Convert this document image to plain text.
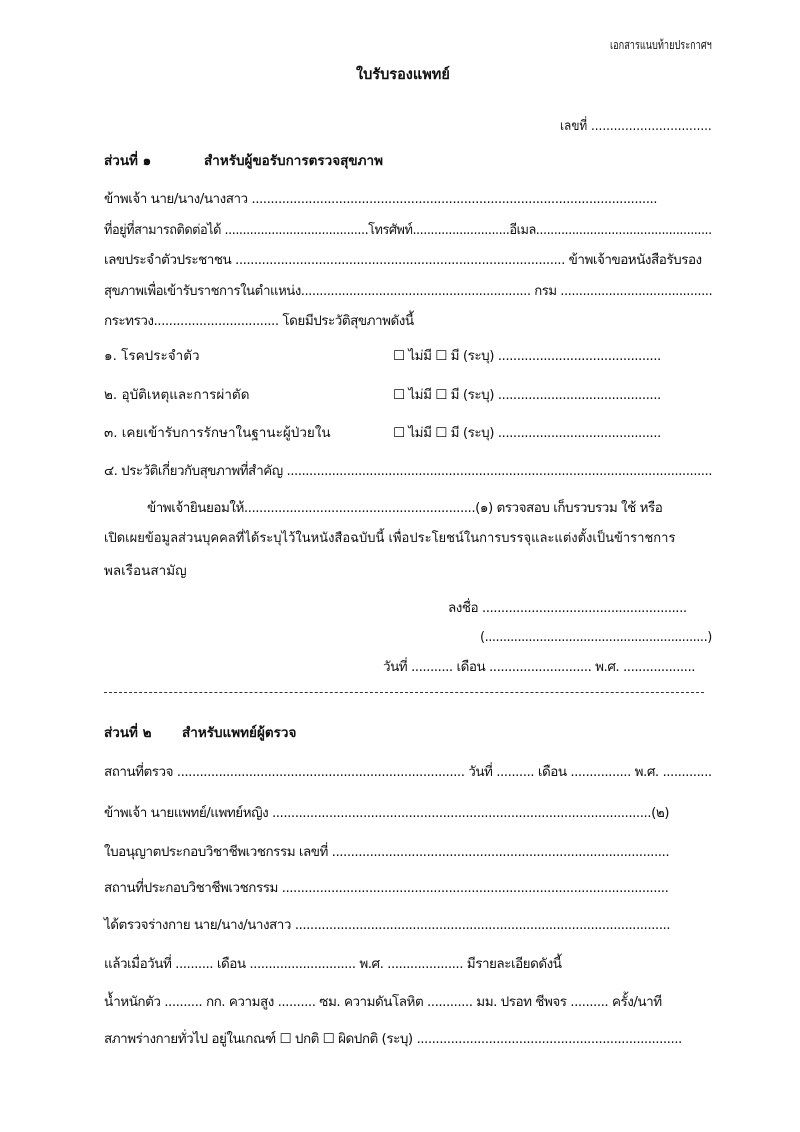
เอกสารแนบท้ายประกาศฯ
ใบรับรองแพทย์
เลขที่ ................................
ส่วนที่ ๑	สำหรับผู้ขอรับการตรวจสุขภาพ
ข้าพเจ้า นาย/นาง/นางสาว ...........................................................................................................
ที่อยู่ที่สามารถติดต่อได้ ........................................โทรศัพท์...........................อีเมล.................................................
เลขประจำตัวประชาชน ....................................................................................... ข้าพเจ้าขอหนังสือรับรอง
สุขภาพเพื่อเข้ารับราชการในตำแหน่ง.............................................................. กรม .........................................
กระทรวง................................. โดยมีประวัติสุขภาพดังนี้
๑. โรคประจำตัว	☐ ไม่มี ☐ มี (ระบุ) ...........................................
๒. อุบัติเหตุและการผ่าตัด	☐ ไม่มี ☐ มี (ระบุ) ...........................................
๓. เคยเข้ารับการรักษาในฐานะผู้ป่วยใน	☐ ไม่มี ☐ มี (ระบุ) ...........................................
๔. ประวัติเกี่ยวกับสุขภาพที่สำคัญ .................................................................................................................
ข้าพเจ้ายินยอมให้.............................................................(๑) ตรวจสอบ เก็บรวบรวม ใช้ หรือ
เปิดเผยข้อมูลส่วนบุคคลที่ได้ระบุไว้ในหนังสือฉบับนี้ เพื่อประโยชน์ในการบรรจุและแต่งตั้งเป็นข้าราชการ
พลเรือนสามัญ
ลงชื่อ ......................................................
(.............................................................)
วันที่ ........... เดือน ........................... พ.ศ. ...................
ส่วนที่ ๒ สำหรับแพทย์ผู้ตรวจ
สถานที่ตรวจ ............................................................................ วันที่ .......... เดือน ................ พ.ศ. .............
ข้าพเจ้า นายแพทย์/แพทย์หญิง ....................................................................................................(๒)
ใบอนุญาตประกอบวิชาชีพเวชกรรม เลขที่ .........................................................................................
สถานที่ประกอบวิชาชีพเวชกรรม ......................................................................................................
ได้ตรวจร่างกาย นาย/นาง/นางสาว ...................................................................................................
แล้วเมื่อวันที่ .......... เดือน ............................ พ.ศ. .................... มีรายละเอียดดังนี้
น้ำหนักตัว .......... กก. ความสูง .......... ซม. ความดันโลหิต ............ มม. ปรอท ชีพจร .......... ครั้ง/นาที
สภาพร่างกายทั่วไป อยู่ในเกณฑ์ ☐ ปกติ ☐ ผิดปกติ (ระบุ) ......................................................................
